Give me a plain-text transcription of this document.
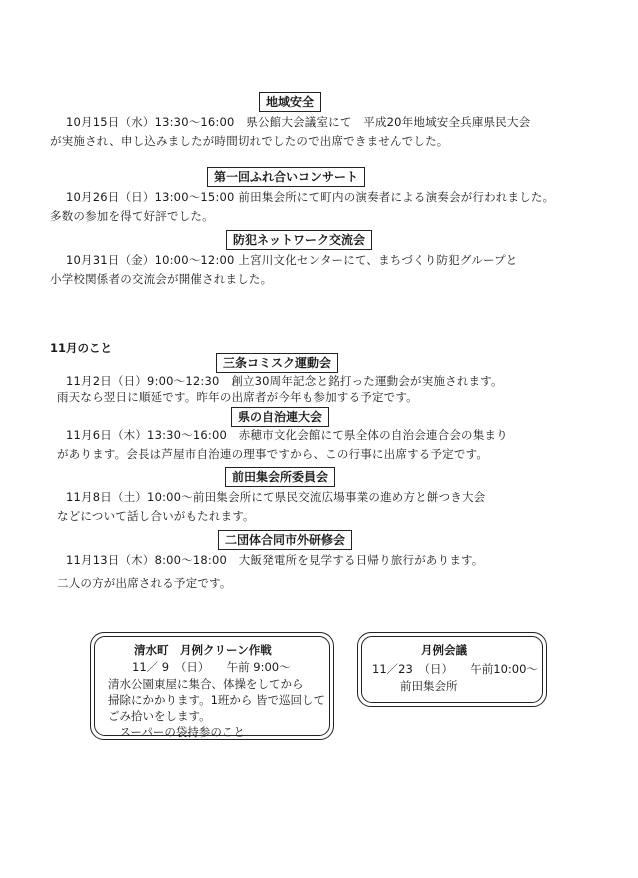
地域安全
10月15日（水）13:30～16:00　県公館大会議室にて　平成20年地域安全兵庫県民大会
が実施され、申し込みましたが時間切れでしたので出席できませんでした。
第一回ふれ合いコンサート
10月26日（日）13:00～15:00 前田集会所にて町内の演奏者による演奏会が行われました。
多数の参加を得て好評でした。
防犯ネットワーク交流会
10月31日（金）10:00～12:00 上宮川文化センターにて、まちづくり防犯グループと
小学校関係者の交流会が開催されました。
11月のこと
三条コミスク運動会
11月2日（日）9:00～12:30　創立30周年記念と銘打った運動会が実施されます。
雨天なら翌日に順延です。昨年の出席者が今年も参加する予定です。
県の自治連大会
11月6日（木）13:30～16:00　赤穂市文化会館にて県全体の自治会連合会の集まり
があります。会長は芦屋市自治連の理事ですから、この行事に出席する予定です。
前田集会所委員会
11月8日（土）10:00～前田集会所にて県民交流広場事業の進め方と餅つき大会
などについて話し合いがもたれます。
二団体合同市外研修会
11月13日（木）8:00～18:00　大飯発電所を見学する日帰り旅行があります。
二人の方が出席される予定です。
清水町　月例クリーン作戦
11／ 9　（日）　　午前 9:00～
清水公園東屋に集合、体操をしてから
掃除にかかります。1班から 皆で巡回して
ごみ拾いをします。
　スーパーの袋持参のこと
月例会議
11／23　（日）　　午前10:00～
前田集会所
